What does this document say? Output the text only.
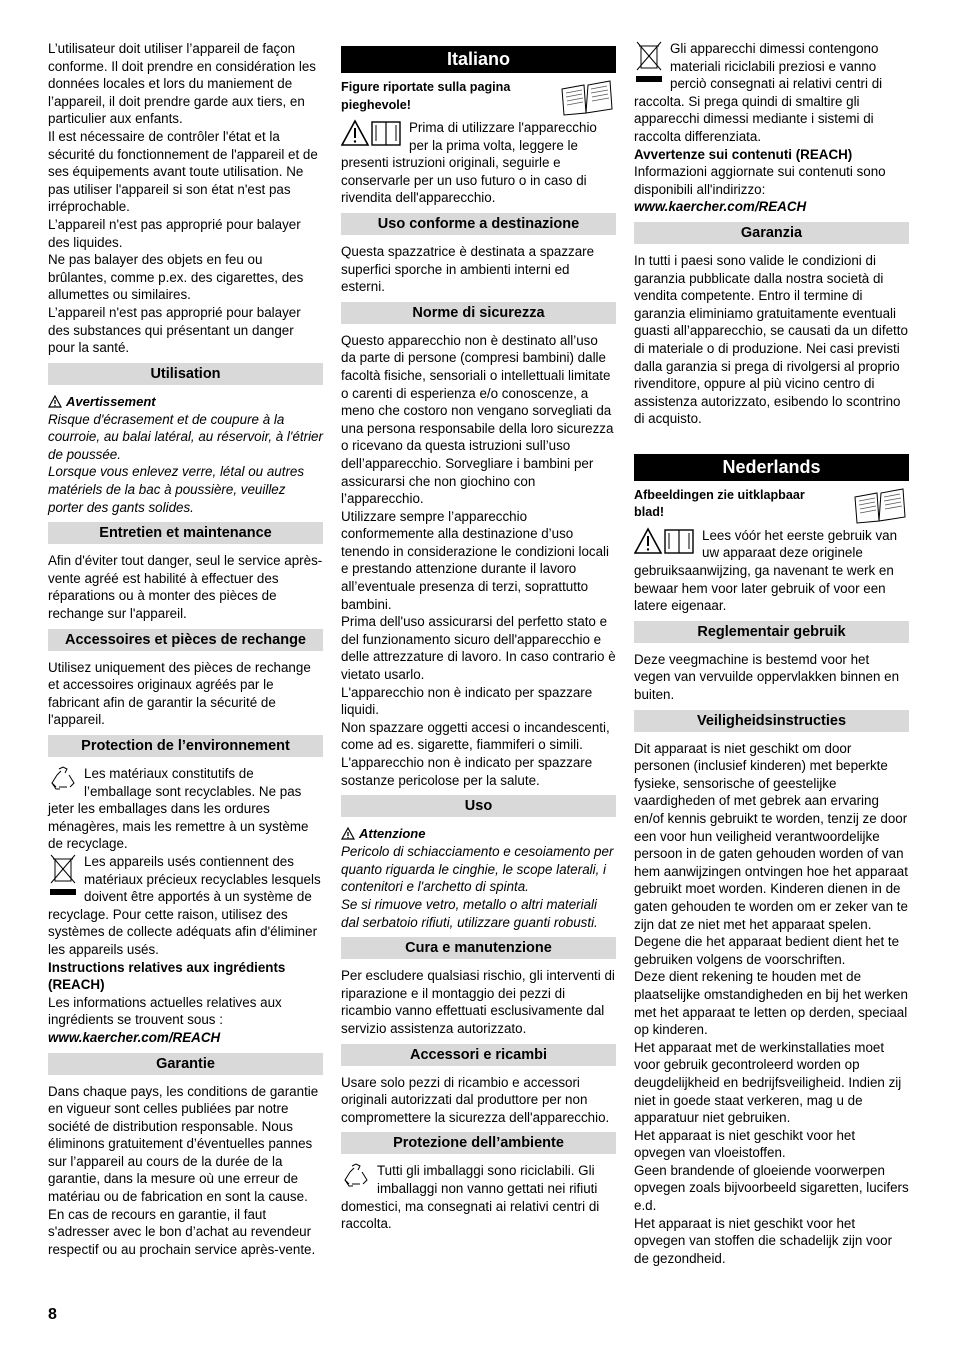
L’utilisateur doit utiliser l’appareil de façon conforme. Il doit prendre en considération les données locales et lors du maniement de l’appareil, il doit prendre garde aux tiers, en particulier aux enfants.

Il est nécessaire de contrôler l'état et la sécurité du fonctionnement de l'appareil et de ses équipements avant toute utilisation. Ne pas utiliser l'appareil si son état n'est pas irréprochable.

L’appareil n'est pas approprié pour balayer des liquides.

Ne pas balayer des objets en feu ou brûlantes, comme p.ex. des cigarettes, des allumettes ou similaires.

L’appareil n'est pas approprié pour balayer des substances qui présentant un danger pour la santé.

Utilisation
Avertissement

Risque d'écrasement et de coupure à la courroie, au balai latéral, au réservoir, à l'étrier de poussée.

Lorsque vous enlevez verre, létal ou autres matériels de la bac à poussière, veuillez porter des gants solides.

Entretien et maintenance

Afin d'éviter tout danger, seul le service après-vente agréé est habilité à effectuer des réparations ou à monter des pièces de rechange sur l'appareil.

Accessoires et pièces de rechange

Utilisez uniquement des pièces de rechange et accessoires originaux agréés par le fabricant afin de garantir la sécurité de l'appareil.

Protection de l’environnement

Les matériaux constitutifs de l’emballage sont recyclables. Ne pas jeter les emballages dans les ordures ménagères, mais les remettre à un système de recyclage.

Les appareils usés contiennent des matériaux précieux recyclables lesquels doivent être apportés à un système de recyclage. Pour cette raison, utilisez des systèmes de collecte adéquats afin d'éliminer les appareils usés.

Instructions relatives aux ingrédients (REACH)

Les informations actuelles relatives aux ingrédients se trouvent sous :

www.kaercher.com/REACH

Garantie

Dans chaque pays, les conditions de garantie en vigueur sont celles publiées par notre société de distribution responsable. Nous éliminons gratuitement d’éventuelles pannes sur l’appareil au cours de la durée de la garantie, dans la mesure où une erreur de matériau ou de fabrication en sont la cause. En cas de recours en garantie, il faut s'adresser avec le bon d’achat au revendeur respectif ou au prochain service après-vente.

Italiano

Figure riportate sulla pagina pieghevole!

Prima di utilizzare l'apparecchio per la prima volta, leggere le presenti istruzioni originali, seguirle e conservarle per un uso futuro o in caso di rivendita dell'apparecchio.

Uso conforme a destinazione

Questa spazzatrice è destinata a spazzare superfici sporche in ambienti interni ed esterni.

Norme di sicurezza

Questo apparecchio non è destinato all’uso da parte di persone (compresi bambini) dalle facoltà fisiche, sensoriali o intellettuali limitate o carenti di esperienza e/o conoscenze, a meno che costoro non vengano sorvegliati da una persona responsabile della loro sicurezza o ricevano da questa istruzioni sull’uso dell’apparecchio. Sorvegliare i bambini per assicurarsi che non giochino con l’apparecchio.

Utilizzare sempre l’apparecchio conformemente alla destinazione d’uso tenendo in considerazione le condizioni locali e prestando attenzione durante il lavoro all’eventuale presenza di terzi, soprattutto bambini.

Prima dell'uso assicurarsi del perfetto stato e del funzionamento sicuro dell'apparecchio e delle attrezzature di lavoro. In caso contrario è vietato usarlo.

L'apparecchio non è indicato per spazzare liquidi.

Non spazzare oggetti accesi o incandescenti, come ad es. sigarette, fiammiferi o simili.

L'apparecchio non è indicato per spazzare sostanze pericolose per la salute.

Uso
Attenzione

Pericolo di schiacciamento e cesoiamento per quanto riguarda le cinghie, le scope laterali, i contenitori e l'archetto di spinta.

Se si rimuove vetro, metallo o altri materiali dal serbatoio rifiuti, utilizzare guanti robusti.

Cura e manutenzione

Per escludere qualsiasi rischio, gli interventi di riparazione e il montaggio dei pezzi di ricambio vanno effettuati esclusivamente dal servizio assistenza autorizzato.

Accessori e ricambi

Usare solo pezzi di ricambio e accessori originali autorizzati dal produttore per non compromettere la sicurezza dell'apparecchio.

Protezione dell’ambiente

Tutti gli imballaggi sono riciclabili. Gli imballaggi non vanno gettati nei rifiuti domestici, ma consegnati ai relativi centri di raccolta.

Gli apparecchi dimessi contengono materiali riciclabili preziosi e vanno perciò consegnati ai relativi centri di raccolta. Si prega quindi di smaltire gli apparecchi dimessi mediante i sistemi di raccolta differenziata.

Avvertenze sui contenuti (REACH)

Informazioni aggiornate sui contenuti sono disponibili all'indirizzo:

www.kaercher.com/REACH

Garanzia

In tutti i paesi sono valide le condizioni di garanzia pubblicate dalla nostra società di vendita competente. Entro il termine di garanzia eliminiamo gratuitamente eventuali guasti all’apparecchio, se causati da un difetto di materiale o di produzione. Nei casi previsti dalla garanzia si prega di rivolgersi al proprio rivenditore, oppure al più vicino centro di assistenza autorizzato, esibendo lo scontrino di acquisto.

Nederlands

Afbeeldingen zie uitklapbaar blad!

Lees vóór het eerste gebruik van uw apparaat deze originele gebruiksaanwijzing, ga navenant te werk en bewaar hem voor later gebruik of voor een latere eigenaar.

Reglementair gebruik

Deze veegmachine is bestemd voor het vegen van vervuilde oppervlakken binnen en buiten.

Veiligheidsinstructies

Dit apparaat is niet geschikt om door personen (inclusief kinderen) met beperkte fysieke, sensorische of geestelijke vaardigheden of met gebrek aan ervaring en/of kennis gebruikt te worden, tenzij ze door een voor hun veiligheid verantwoordelijke persoon in de gaten gehouden worden of van hem aanwijzingen ontvingen hoe het apparaat gebruikt moet worden. Kinderen dienen in de gaten gehouden te worden om er zeker van te zijn dat ze niet met het apparaat spelen.

Degene die het apparaat bedient dient het te gebruiken volgens de voorschriften.

Deze dient rekening te houden met de plaatselijke omstandigheden en bij het werken met het apparaat te letten op derden, speciaal op kinderen.

Het apparaat met de werkinstallaties moet voor gebruik gecontroleerd worden op deugdelijkheid en bedrijfsveiligheid. Indien zij niet in goede staat verkeren, mag u de apparatuur niet gebruiken.

Het apparaat is niet geschikt voor het opvegen van vloeistoffen.

Geen brandende of gloeiende voorwerpen opvegen zoals bijvoorbeeld sigaretten, lucifers e.d.

Het apparaat is niet geschikt voor het opvegen van stoffen die schadelijk zijn voor de gezondheid.

8
